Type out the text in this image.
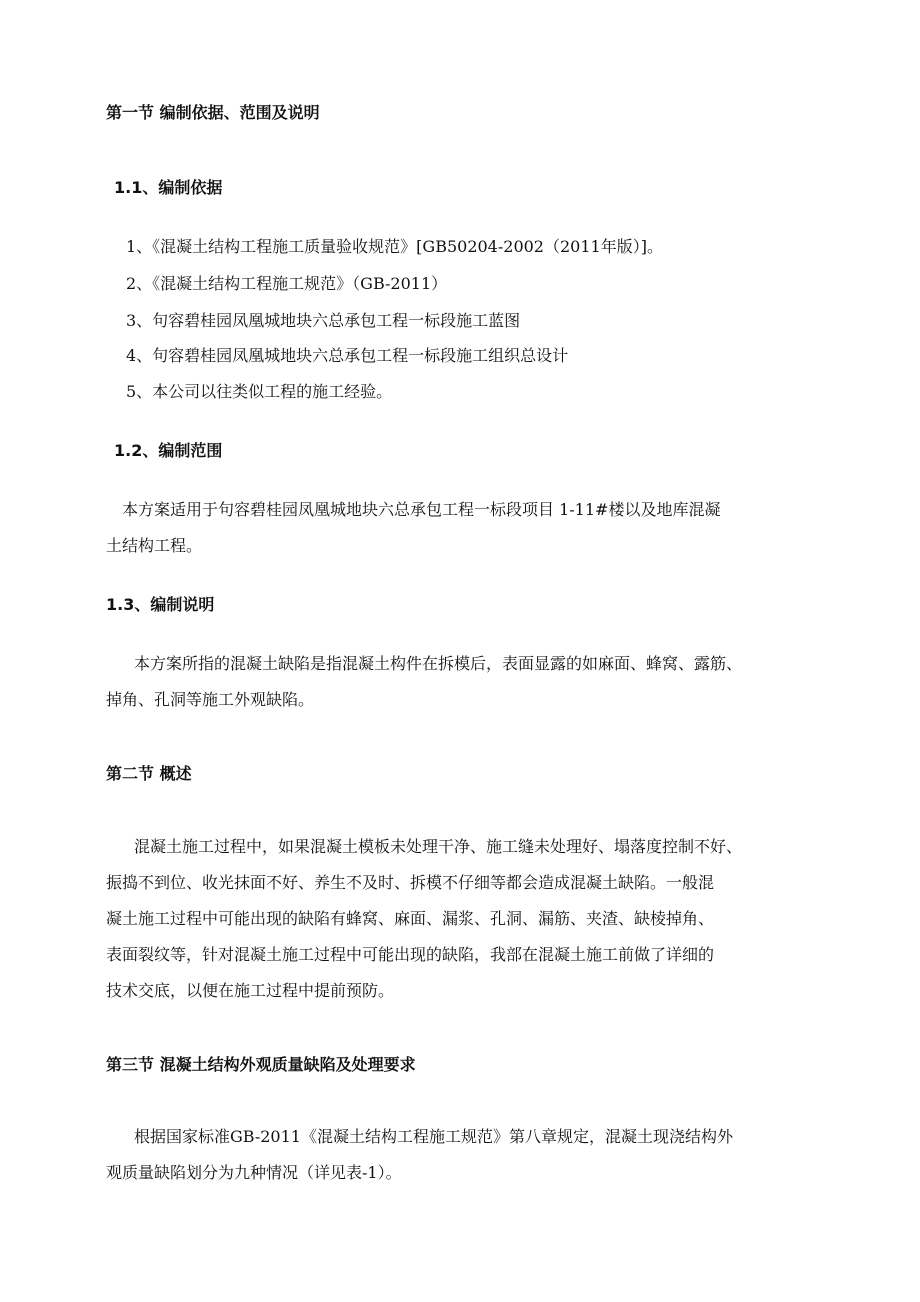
第一节 编制依据、范围及说明
1.1、编制依据
1、《混凝土结构工程施工质量验收规范》[GB50204-2002（2011年版）]。
2、《混凝土结构工程施工规范》（GB-2011）
3、句容碧桂园凤凰城地块六总承包工程一标段施工蓝图
4、句容碧桂园凤凰城地块六总承包工程一标段施工组织总设计
5、本公司以往类似工程的施工经验。
1.2、编制范围
本方案适用于句容碧桂园凤凰城地块六总承包工程一标段项目 1-11#楼以及地库混凝
土结构工程。
1.3、编制说明
本方案所指的混凝土缺陷是指混凝土构件在拆模后，表面显露的如麻面、蜂窝、露筋、
掉角、孔洞等施工外观缺陷。
第二节 概述
混凝土施工过程中，如果混凝土模板未处理干净、施工缝未处理好、塌落度控制不好、
振捣不到位、收光抹面不好、养生不及时、拆模不仔细等都会造成混凝土缺陷。一般混
凝土施工过程中可能出现的缺陷有蜂窝、麻面、漏浆、孔洞、漏筋、夹渣、缺棱掉角、
表面裂纹等，针对混凝土施工过程中可能出现的缺陷，我部在混凝土施工前做了详细的
技术交底，以便在施工过程中提前预防。
第三节 混凝土结构外观质量缺陷及处理要求
根据国家标准GB-2011《混凝土结构工程施工规范》第八章规定，混凝土现浇结构外
观质量缺陷划分为九种情况（详见表-1）。
